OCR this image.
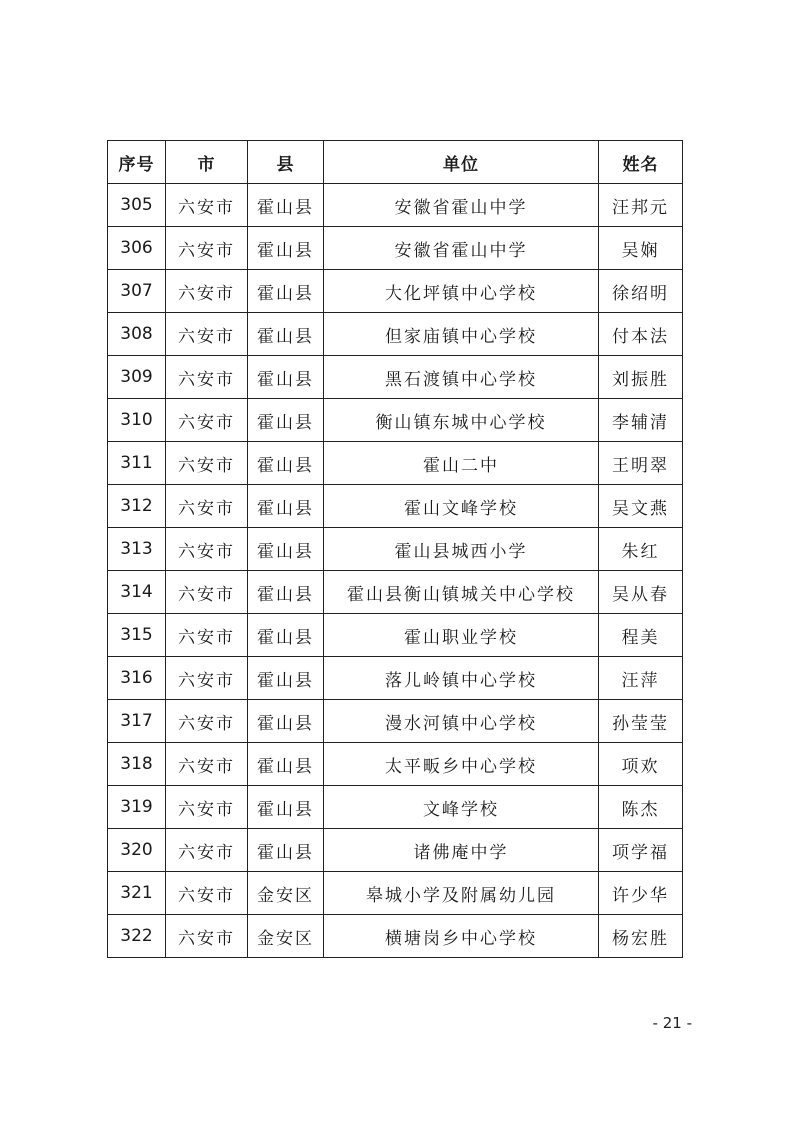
序号	市	县	单位	姓名
305	六安市	霍山县	安徽省霍山中学	汪邦元
306	六安市	霍山县	安徽省霍山中学	吴娴
307	六安市	霍山县	大化坪镇中心学校	徐绍明
308	六安市	霍山县	但家庙镇中心学校	付本法
309	六安市	霍山县	黑石渡镇中心学校	刘振胜
310	六安市	霍山县	衡山镇东城中心学校	李辅清
311	六安市	霍山县	霍山二中	王明翠
312	六安市	霍山县	霍山文峰学校	吴文燕
313	六安市	霍山县	霍山县城西小学	朱红
314	六安市	霍山县	霍山县衡山镇城关中心学校	吴从春
315	六安市	霍山县	霍山职业学校	程美
316	六安市	霍山县	落儿岭镇中心学校	汪萍
317	六安市	霍山县	漫水河镇中心学校	孙莹莹
318	六安市	霍山县	太平畈乡中心学校	项欢
319	六安市	霍山县	文峰学校	陈杰
320	六安市	霍山县	诸佛庵中学	项学福
321	六安市	金安区	皋城小学及附属幼儿园	许少华
322	六安市	金安区	横塘岗乡中心学校	杨宏胜
- 21 -
